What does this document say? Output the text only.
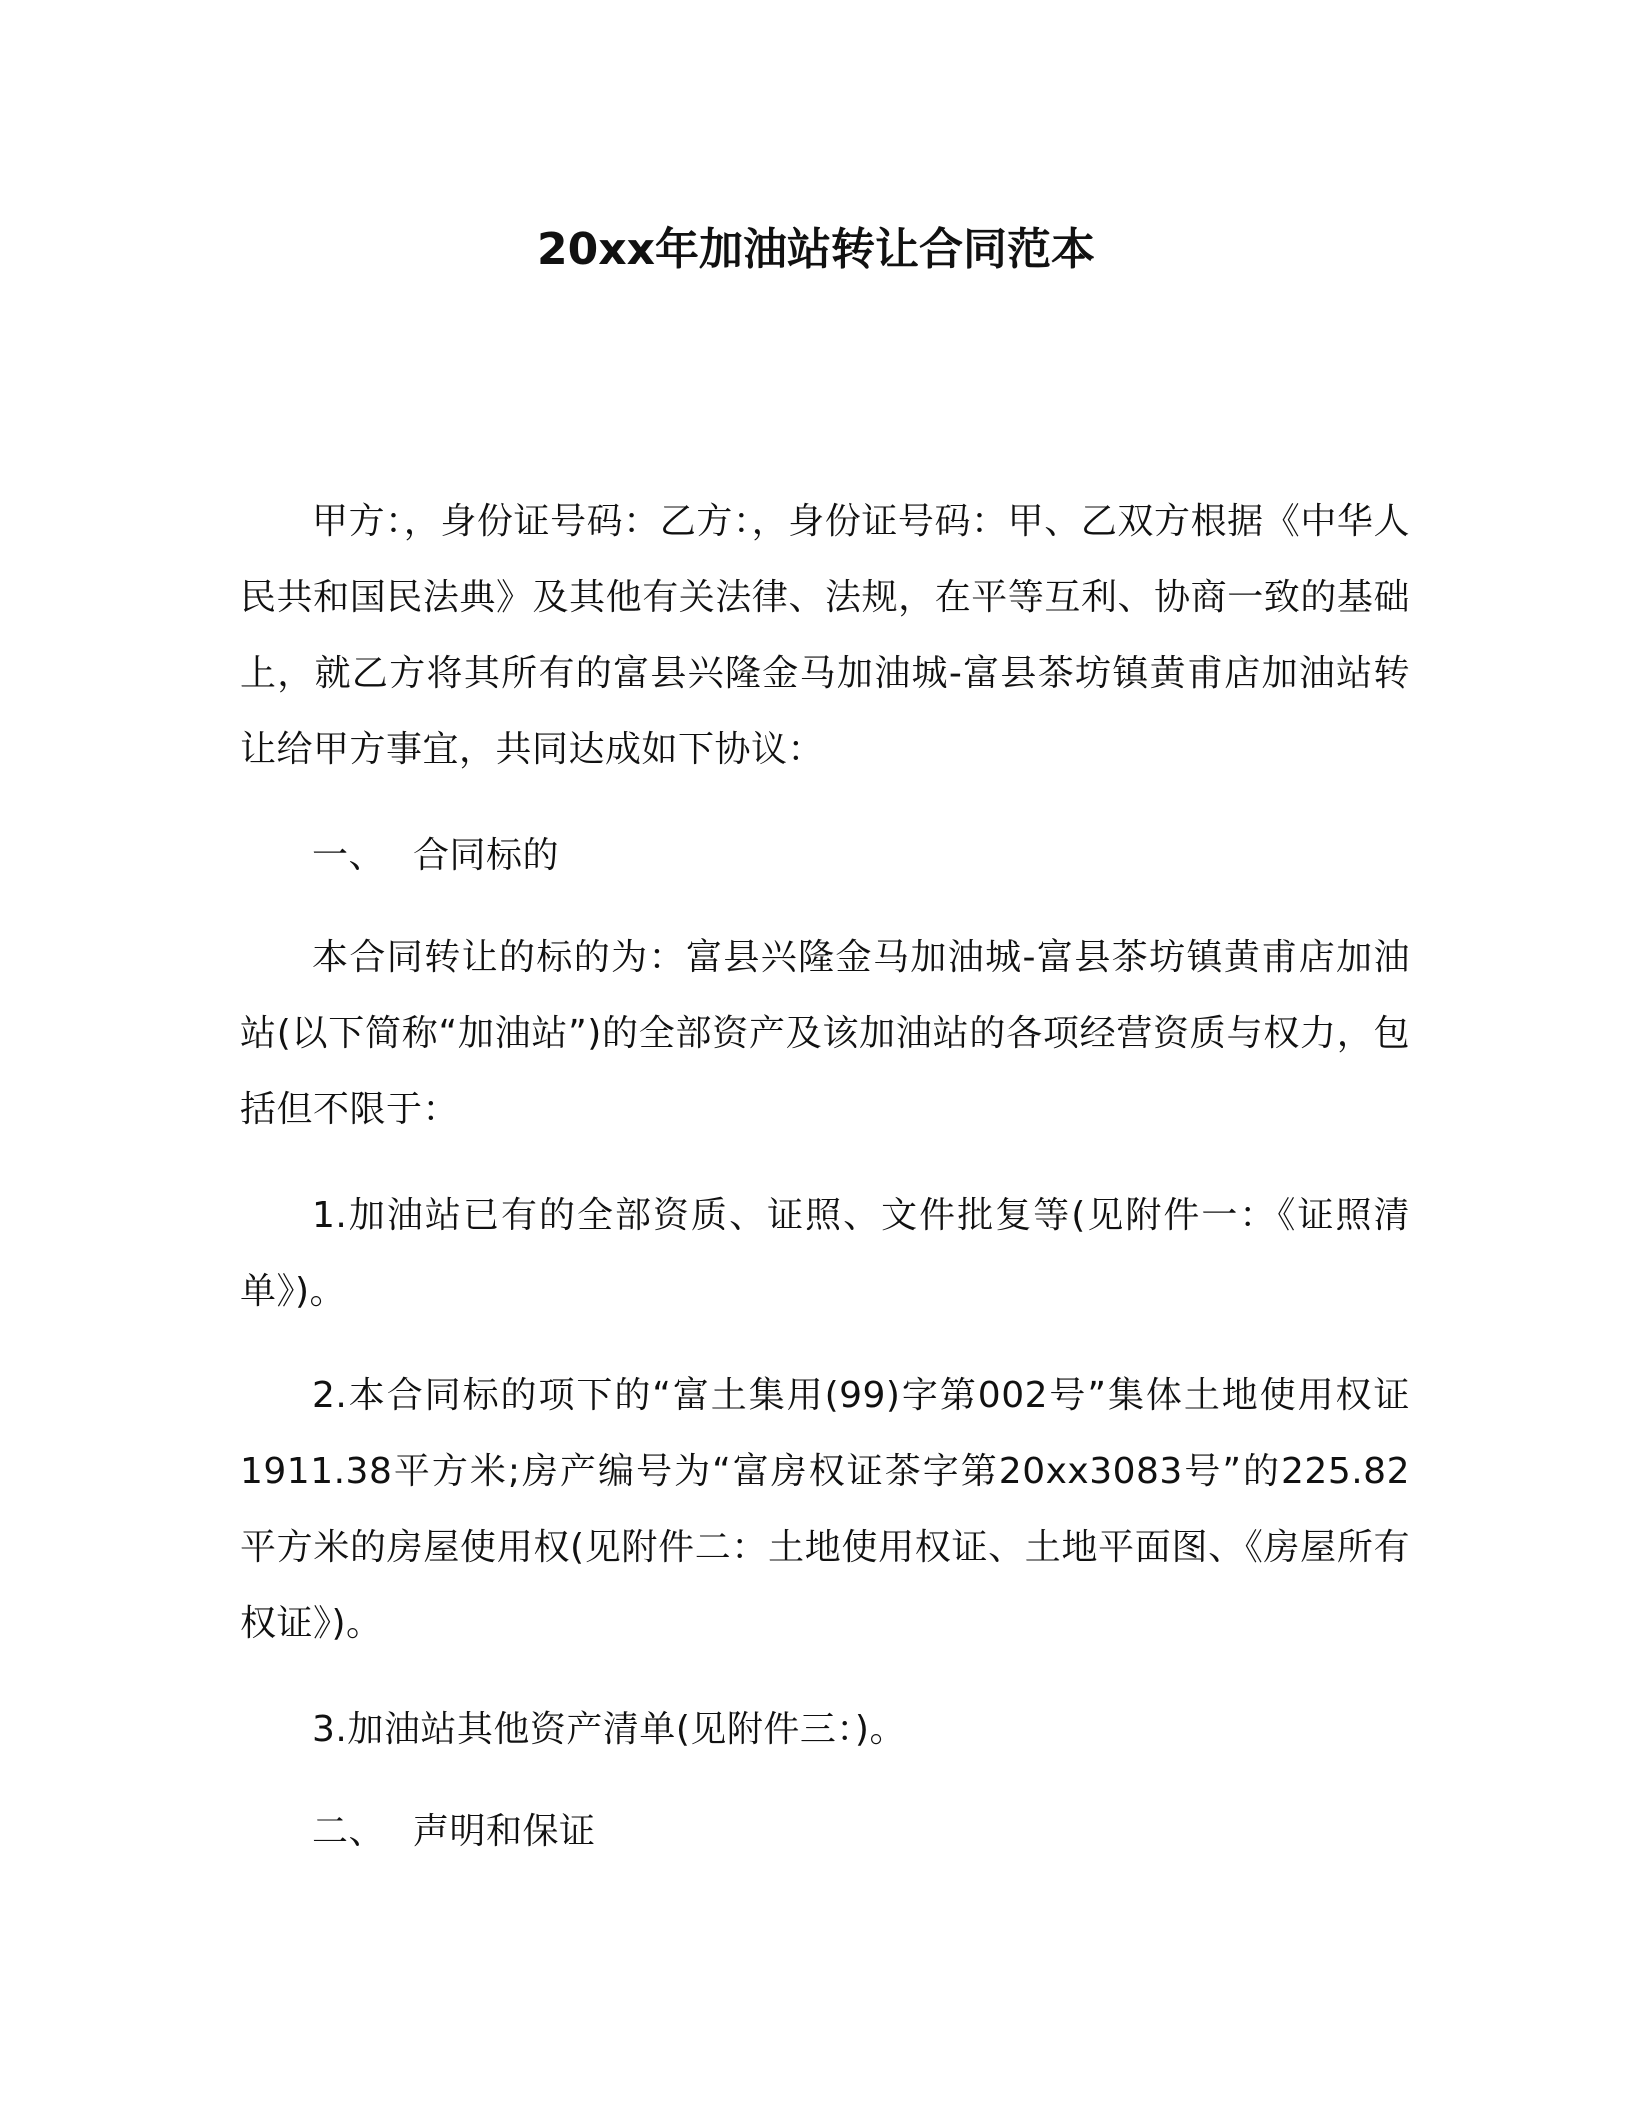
20xx年加油站转让合同范本

甲方：，身份证号码：乙方：，身份证号码：甲、乙双方根据《中华人民共和国民法典》及其他有关法律、法规，在平等互利、协商一致的基础上，就乙方将其所有的富县兴隆金马加油城-富县茶坊镇黄甫店加油站转让给甲方事宜，共同达成如下协议：

一、 合同标的

本合同转让的标的为：富县兴隆金马加油城-富县茶坊镇黄甫店加油站(以下简称“加油站”)的全部资产及该加油站的各项经营资质与权力，包括但不限于：

1.加油站已有的全部资质、证照、文件批复等(见附件一：《证照清单》)。

2.本合同标的项下的“富土集用(99)字第002号”集体土地使用权证1911.38平方米;房产编号为“富房权证茶字第20xx3083号”的225.82平方米的房屋使用权(见附件二：土地使用权证、土地平面图、《房屋所有权证》)。

3.加油站其他资产清单(见附件三：)。

二、 声明和保证
